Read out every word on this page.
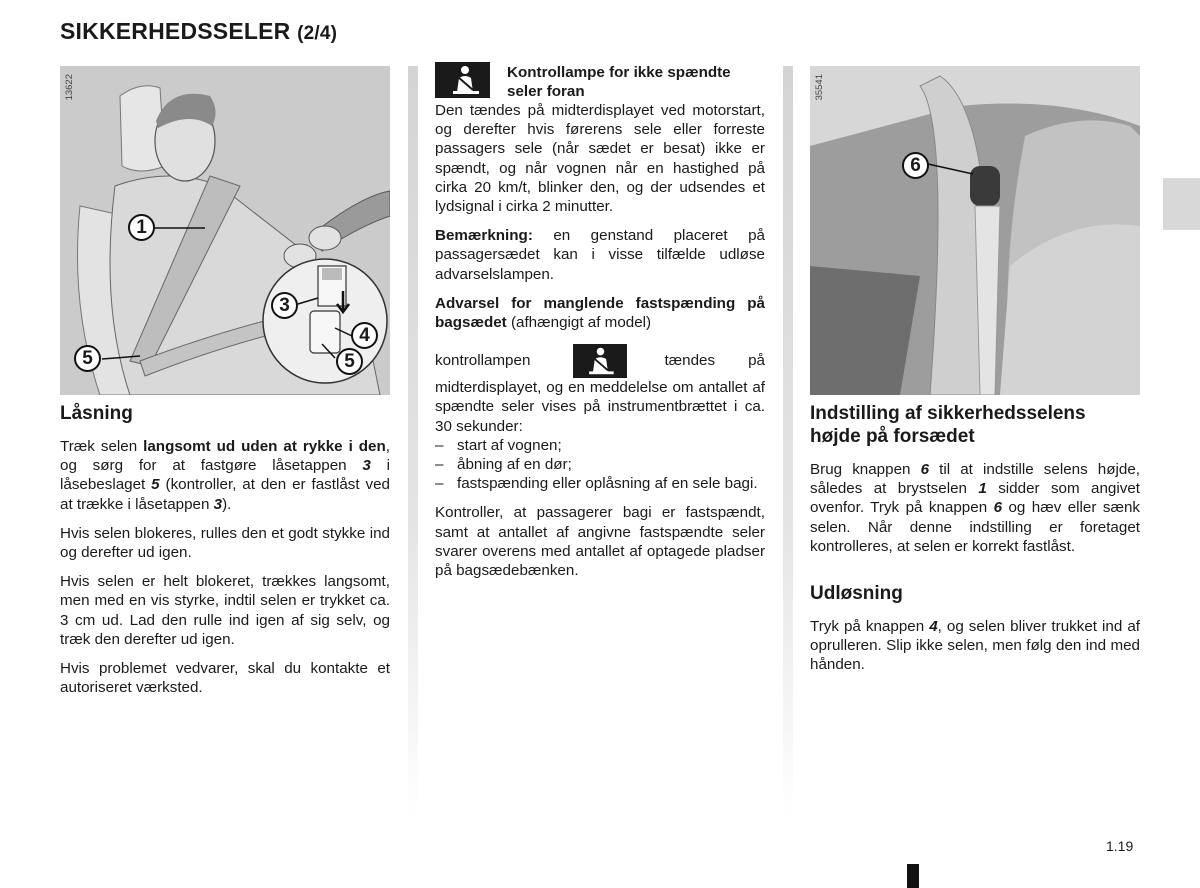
SIKKERHEDSSELER (2/4)
13622
1
3
4
5
5
Låsning

Træk selen langsomt ud uden at rykke i den, og sørg for at fastgøre låsetappen 3 i låsebeslaget 5 (kontroller, at den er fastlåst ved at trække i låsetappen 3).

Hvis selen blokeres, rulles den et godt stykke ind og derefter ud igen.

Hvis selen er helt blokeret, trækkes langsomt, men med en vis styrke, indtil selen er trykket ca. 3 cm ud. Lad den rulle ind igen af sig selv, og træk den derefter ud igen.

Hvis problemet vedvarer, skal du kontakte et autoriseret værksted.

Kontrollampe for ikke spændte seler foran

Den tændes på midterdisplayet ved motorstart, og derefter hvis førerens sele eller forreste passagers sele (når sædet er besat) ikke er spændt, og når vognen når en hastighed på cirka 20 km/t, blinker den, og der udsendes et lydsignal i cirka 2 minutter.

Bemærkning: en genstand placeret på passagersædet kan i visse tilfælde udløse advarselslampen.

Advarsel for manglende fastspænding på bagsædet (afhængigt af model)

kontrollampen	tændes på midterdisplayet, og en meddelelse om antallet af spændte seler vises på instrumentbrættet i ca. 30 sekunder:

– start af vognen;
– åbning af en dør;
– fastspænding eller oplåsning af en sele bagi.

Kontroller, at passagerer bagi er fastspændt, samt at antallet af angivne fastspændte seler svarer overens med antallet af optagede pladser på bagsædebænken.

35541
6
Indstilling af sikkerhedsselens højde på forsædet

Brug knappen 6 til at indstille selens højde, således at brystselen 1 sidder som angivet ovenfor. Tryk på knappen 6 og hæv eller sænk selen. Når denne indstilling er foretaget kontrolleres, at selen er korrekt fastlåst.

Udløsning

Tryk på knappen 4, og selen bliver trukket ind af oprulleren. Slip ikke selen, men følg den ind med hånden.

1.19
